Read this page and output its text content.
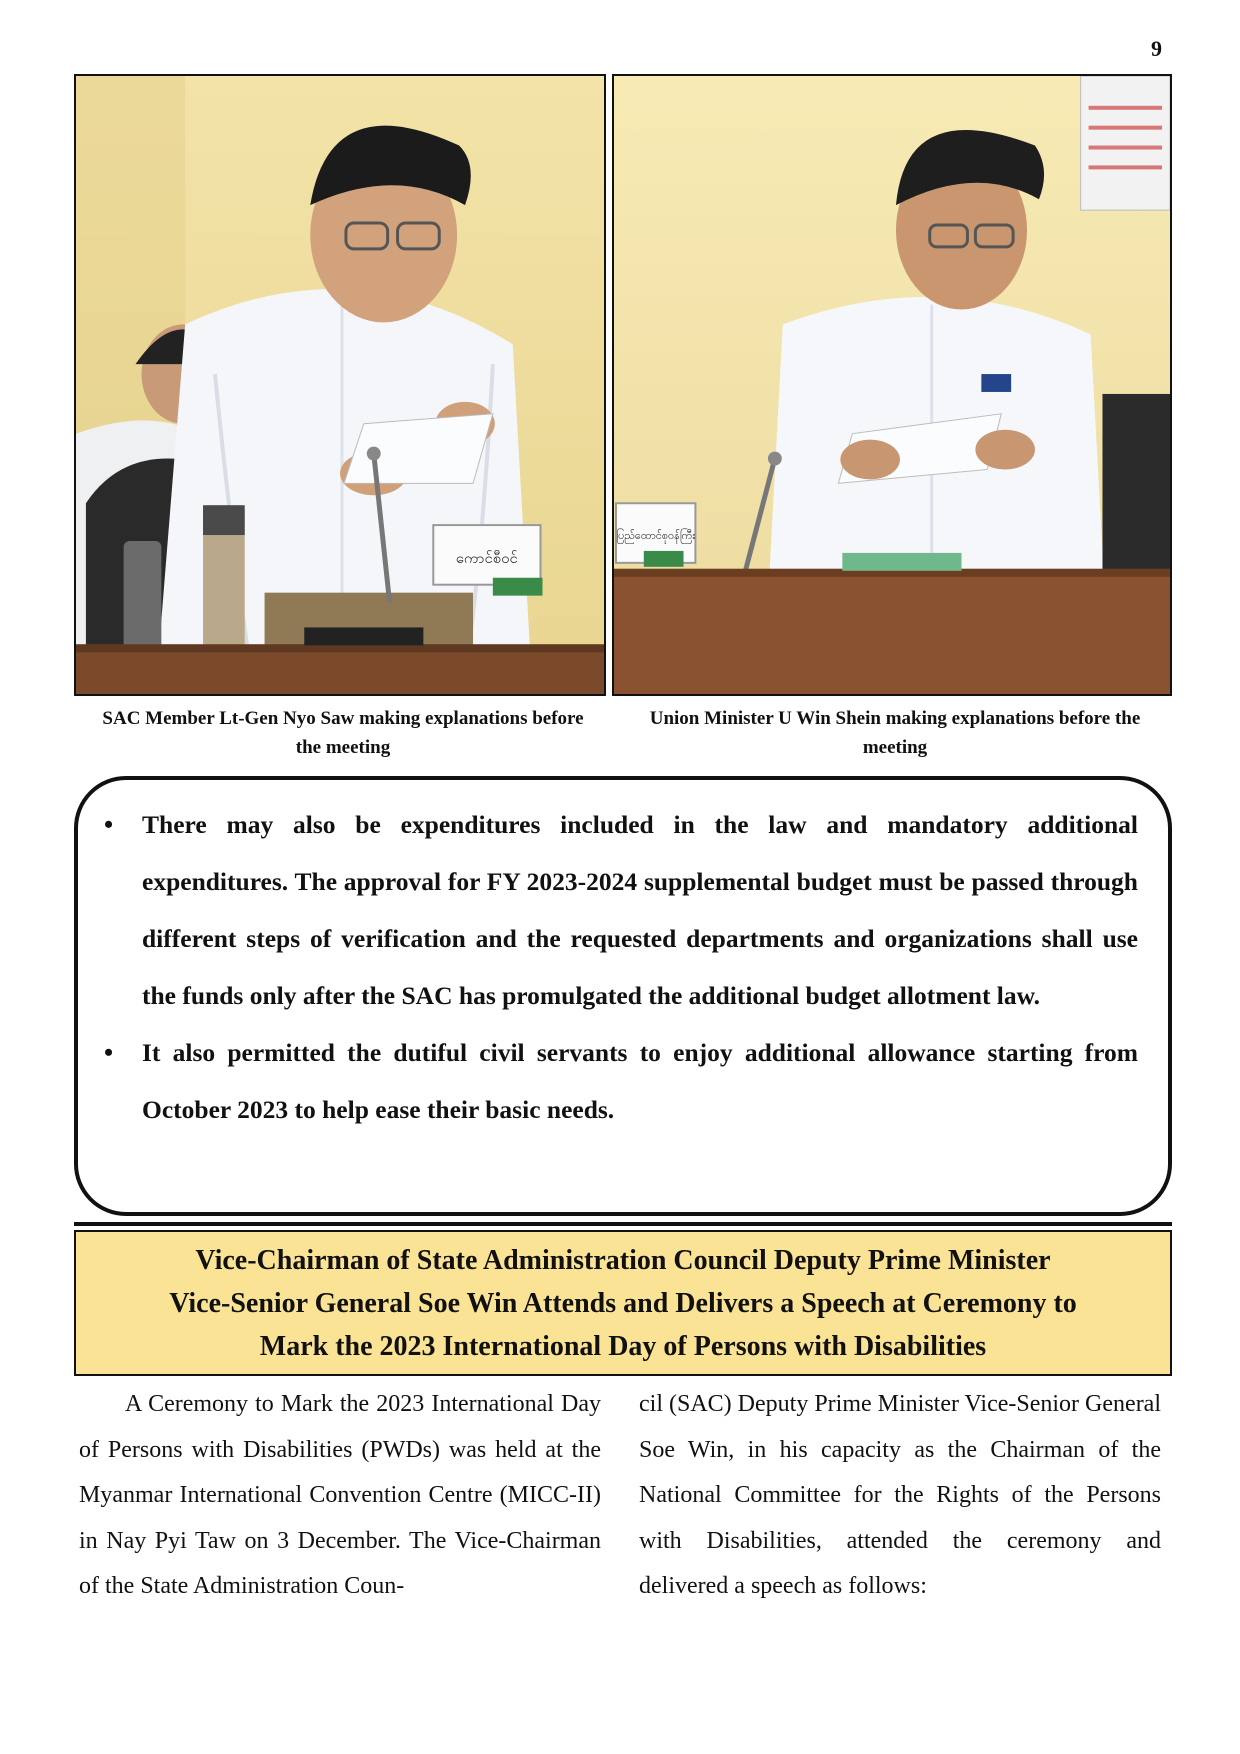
9
ကောင်စီဝင်
ပြည်ထောင်စုဝန်ကြီး
SAC Member Lt-Gen Nyo Saw making explanations before the meeting
Union Minister U Win Shein making explanations before the meeting
• There may also be expenditures included in the law and mandatory additional expenditures. The approval for FY 2023-2024 supplemental budget must be passed through different steps of verification and the requested departments and organizations shall use the funds only after the SAC has promulgated the additional budget allotment law.
• It also permitted the dutiful civil servants to enjoy additional allowance starting from October 2023 to help ease their basic needs.
Vice-Chairman of State Administration Council Deputy Prime Minister
Vice-Senior General Soe Win Attends and Delivers a Speech at Ceremony to
Mark the 2023 International Day of Persons with Disabilities

A Ceremony to Mark the 2023 International Day of Persons with Disabilities (PWDs) was held at the Myanmar International Convention Centre (MICC-II) in Nay Pyi Taw on 3 December. The Vice-Chairman of the State Administration Coun-

cil (SAC) Deputy Prime Minister Vice-Senior General Soe Win, in his capacity as the Chairman of the National Committee for the Rights of the Persons with Disabilities, attended the ceremony and delivered a speech as follows:
